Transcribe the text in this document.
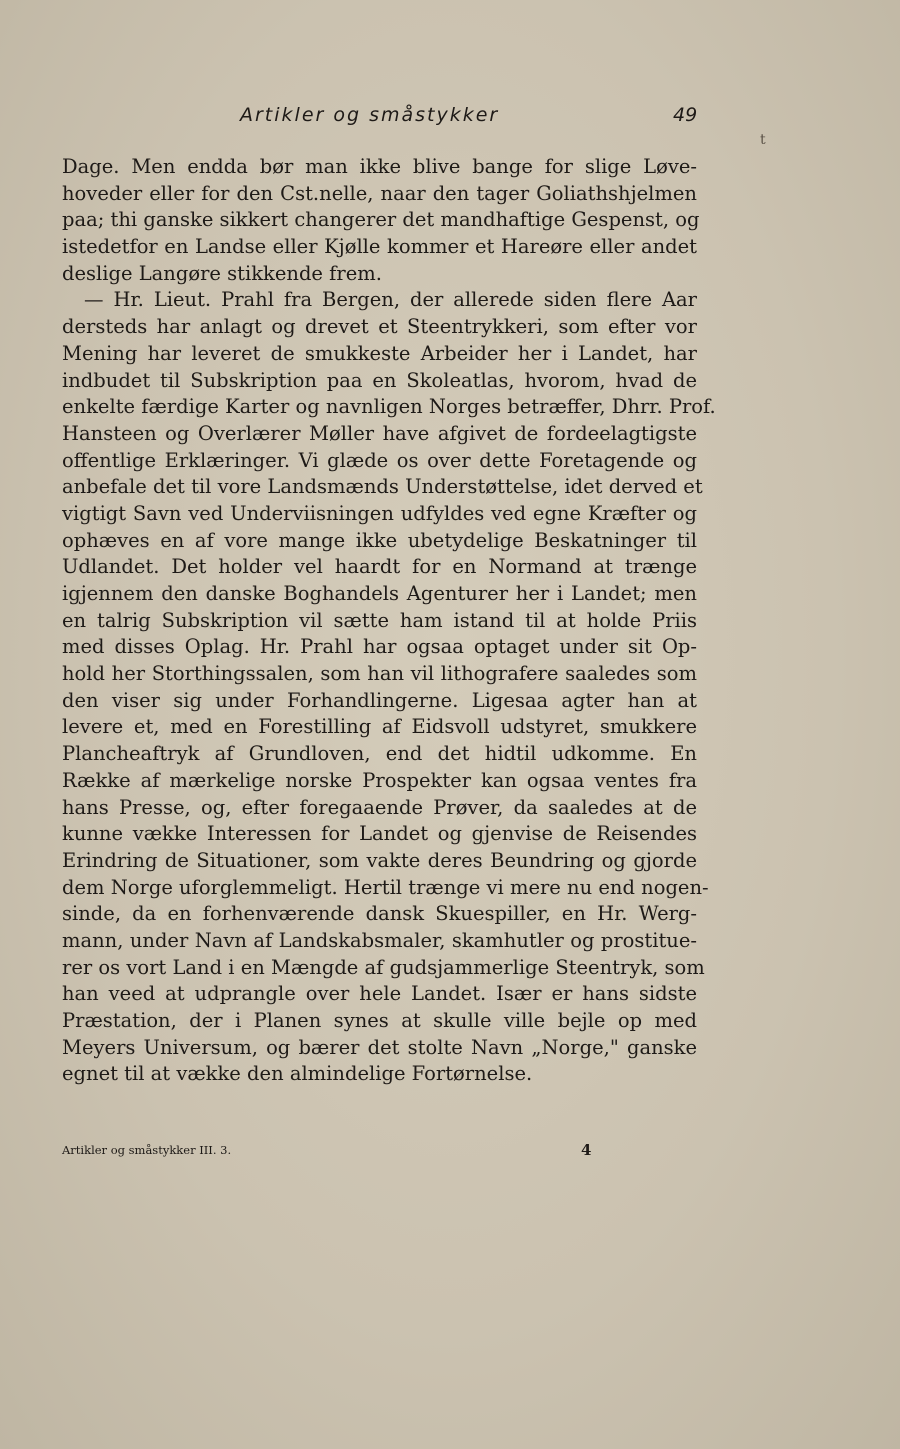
Artikler og småstykker	49
t
Dage. Men endda bør man ikke blive bange for slige Løve-
hoveder eller for den Cst.nelle, naar den tager Goliathshjelmen
paa; thi ganske sikkert changerer det mandhaftige Gespenst, og
istedetfor en Landse eller Kjølle kommer et Hareøre eller andet
deslige Langøre stikkende frem.
— Hr. Lieut. Prahl fra Bergen, der allerede siden flere Aar
dersteds har anlagt og drevet et Steentrykkeri, som efter vor
Mening har leveret de smukkeste Arbeider her i Landet, har
indbudet til Subskription paa en Skoleatlas, hvorom, hvad de
enkelte færdige Karter og navnligen Norges betræffer, Dhrr. Prof.
Hansteen og Overlærer Møller have afgivet de fordeelagtigste
offentlige Erklæringer. Vi glæde os over dette Foretagende og
anbefale det til vore Landsmænds Understøttelse, idet derved et
vigtigt Savn ved Underviisningen udfyldes ved egne Kræfter og
ophæves en af vore mange ikke ubetydelige Beskatninger til
Udlandet. Det holder vel haardt for en Normand at trænge
igjennem den danske Boghandels Agenturer her i Landet; men
en talrig Subskription vil sætte ham istand til at holde Priis
med disses Oplag. Hr. Prahl har ogsaa optaget under sit Op-
hold her Storthingssalen, som han vil lithografere saaledes som
den viser sig under Forhandlingerne. Ligesaa agter han at
levere et, med en Forestilling af Eidsvoll udstyret, smukkere
Plancheaftryk af Grundloven, end det hidtil udkomme. En
Række af mærkelige norske Prospekter kan ogsaa ventes fra
hans Presse, og, efter foregaaende Prøver, da saaledes at de
kunne vække Interessen for Landet og gjenvise de Reisendes
Erindring de Situationer, som vakte deres Beundring og gjorde
dem Norge uforglemmeligt. Hertil trænge vi mere nu end nogen-
sinde, da en forhenværende dansk Skuespiller, en Hr. Werg-
mann, under Navn af Landskabsmaler, skamhutler og prostitue-
rer os vort Land i en Mængde af gudsjammerlige Steentryk, som
han veed at udprangle over hele Landet. Især er hans sidste
Præstation, der i Planen synes at skulle ville bejle op med
Meyers Universum, og bærer det stolte Navn „Norge," ganske
egnet til at vække den almindelige Fortørnelse.
Artikler og småstykker III. 3.	4
